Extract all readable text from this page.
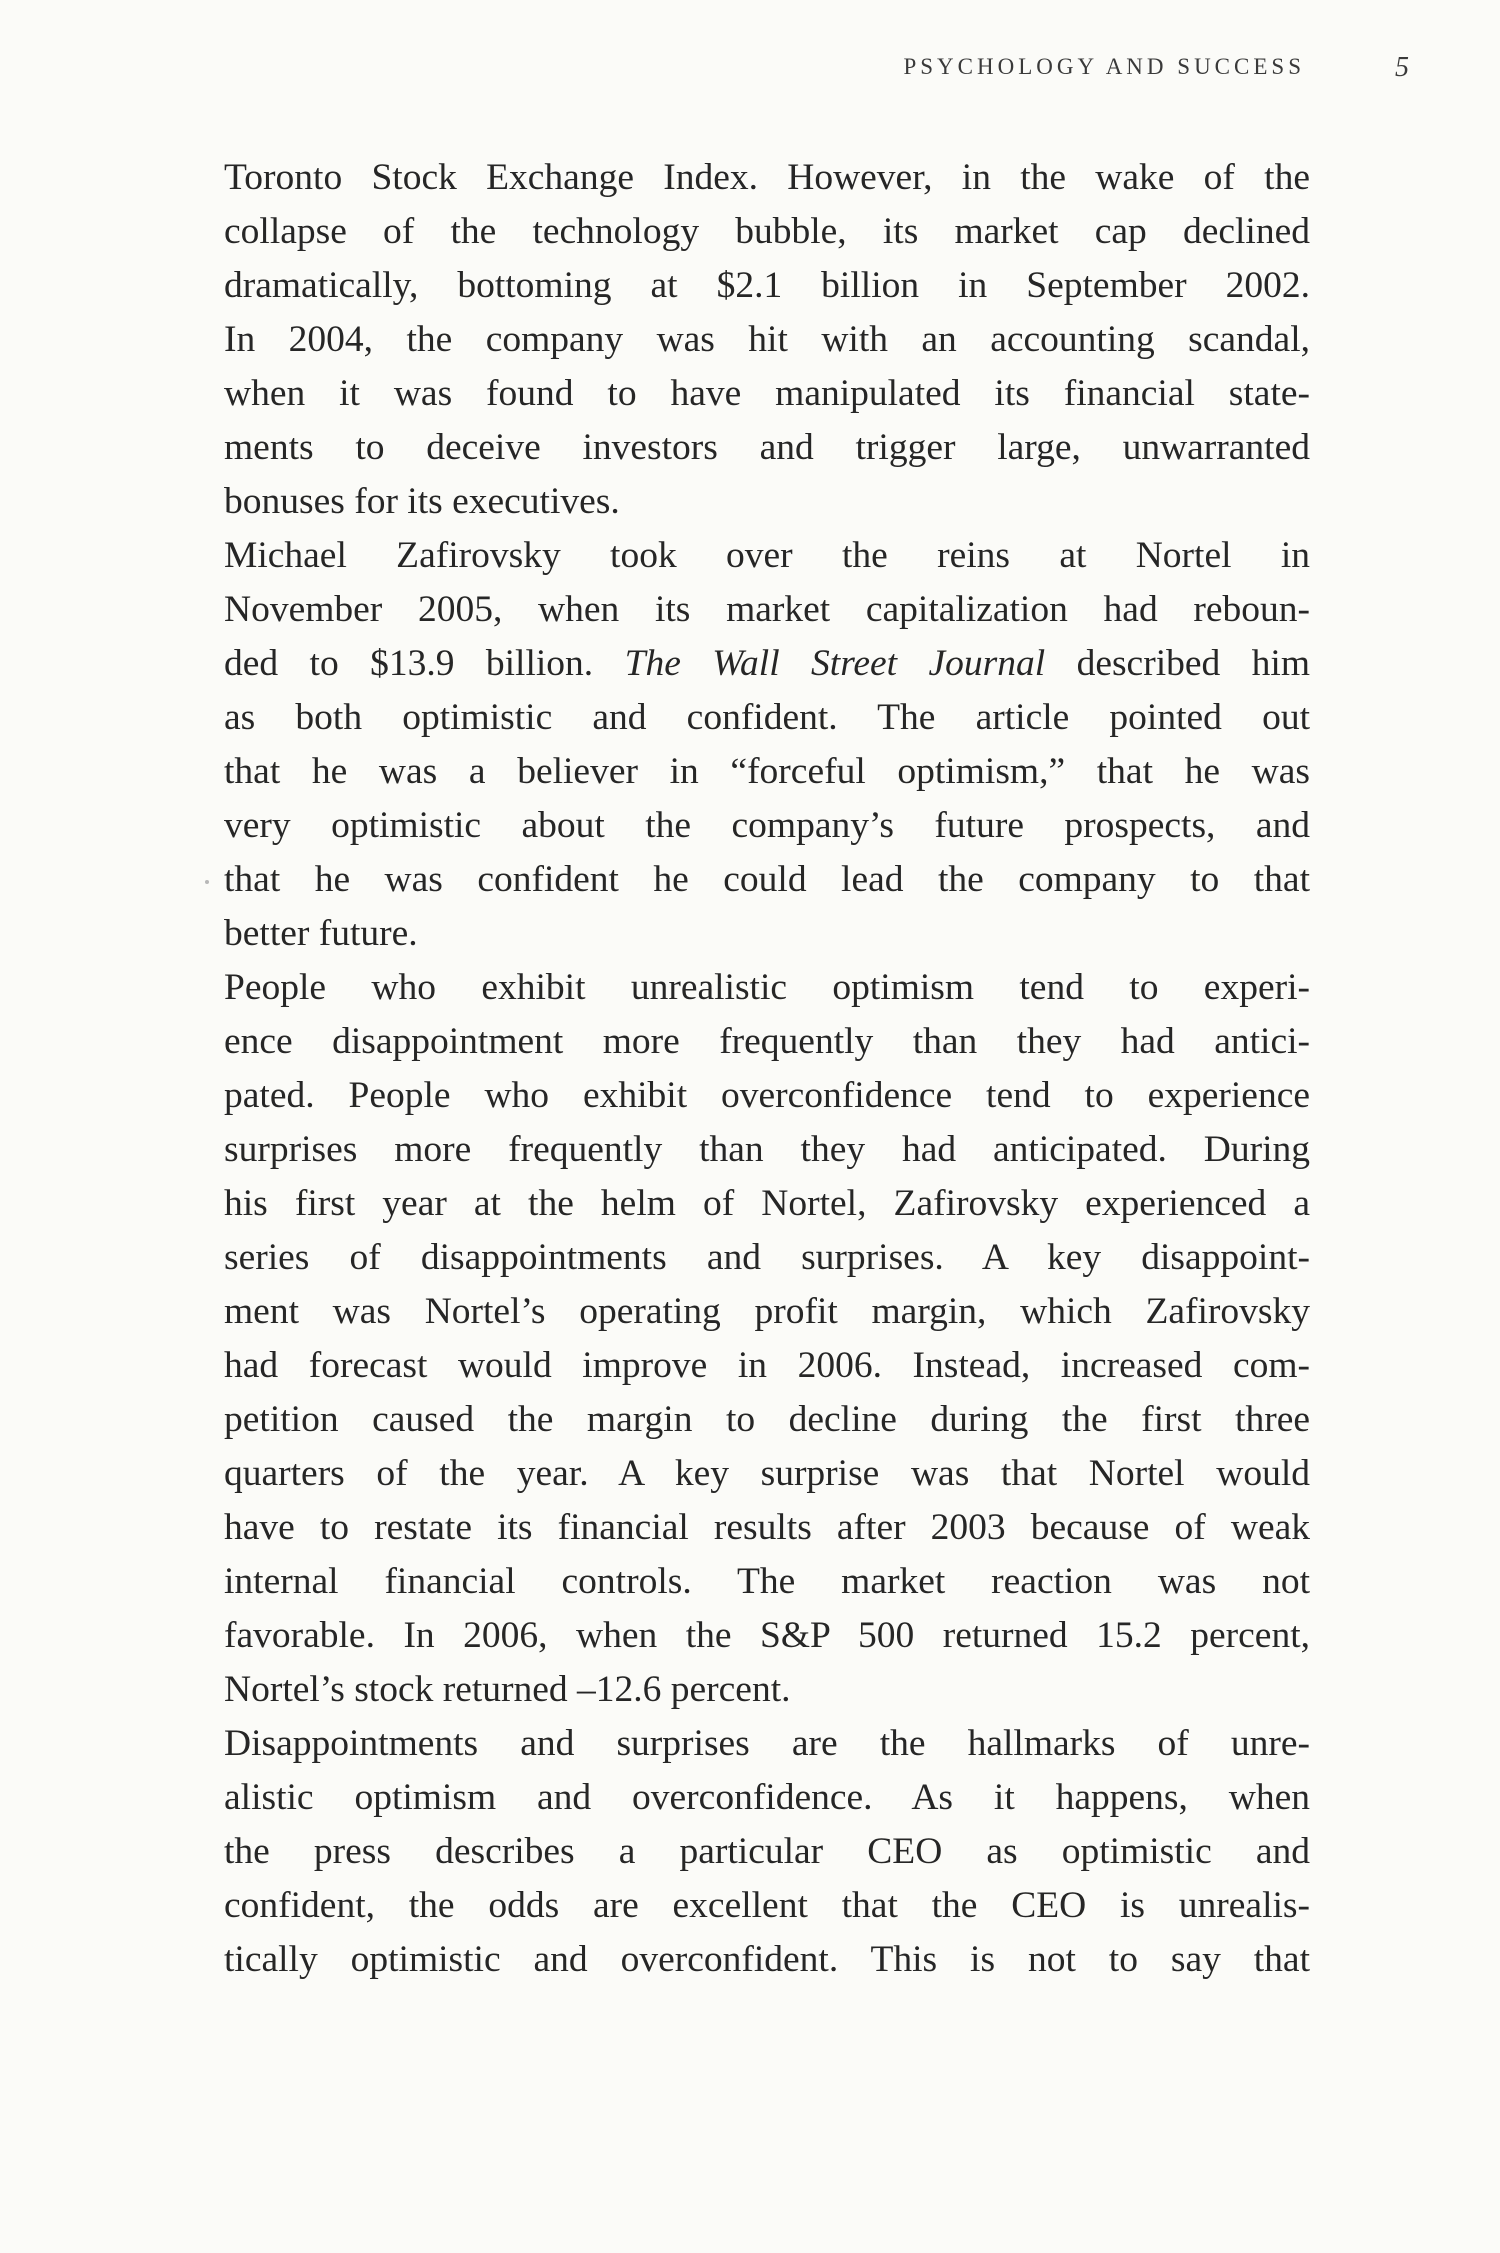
PSYCHOLOGY AND SUCCESS	5
Toronto Stock Exchange Index. However, in the wake of the
collapse of the technology bubble, its market cap declined
dramatically, bottoming at $2.1 billion in September 2002.
In 2004, the company was hit with an accounting scandal,
when it was found to have manipulated its financial state-
ments to deceive investors and trigger large, unwarranted
bonuses for its executives.
Michael Zafirovsky took over the reins at Nortel in
November 2005, when its market capitalization had reboun-
ded to $13.9 billion. The Wall Street Journal described him
as both optimistic and confident. The article pointed out
that he was a believer in “forceful optimism,” that he was
very optimistic about the company’s future prospects, and
that he was confident he could lead the company to that
better future.
People who exhibit unrealistic optimism tend to experi-
ence disappointment more frequently than they had antici-
pated. People who exhibit overconfidence tend to experience
surprises more frequently than they had anticipated. During
his first year at the helm of Nortel, Zafirovsky experienced a
series of disappointments and surprises. A key disappoint-
ment was Nortel’s operating profit margin, which Zafirovsky
had forecast would improve in 2006. Instead, increased com-
petition caused the margin to decline during the first three
quarters of the year. A key surprise was that Nortel would
have to restate its financial results after 2003 because of weak
internal financial controls. The market reaction was not
favorable. In 2006, when the S&P 500 returned 15.2 percent,
Nortel’s stock returned –12.6 percent.
Disappointments and surprises are the hallmarks of unre-
alistic optimism and overconfidence. As it happens, when
the press describes a particular CEO as optimistic and
confident, the odds are excellent that the CEO is unrealis-
tically optimistic and overconfident. This is not to say that
